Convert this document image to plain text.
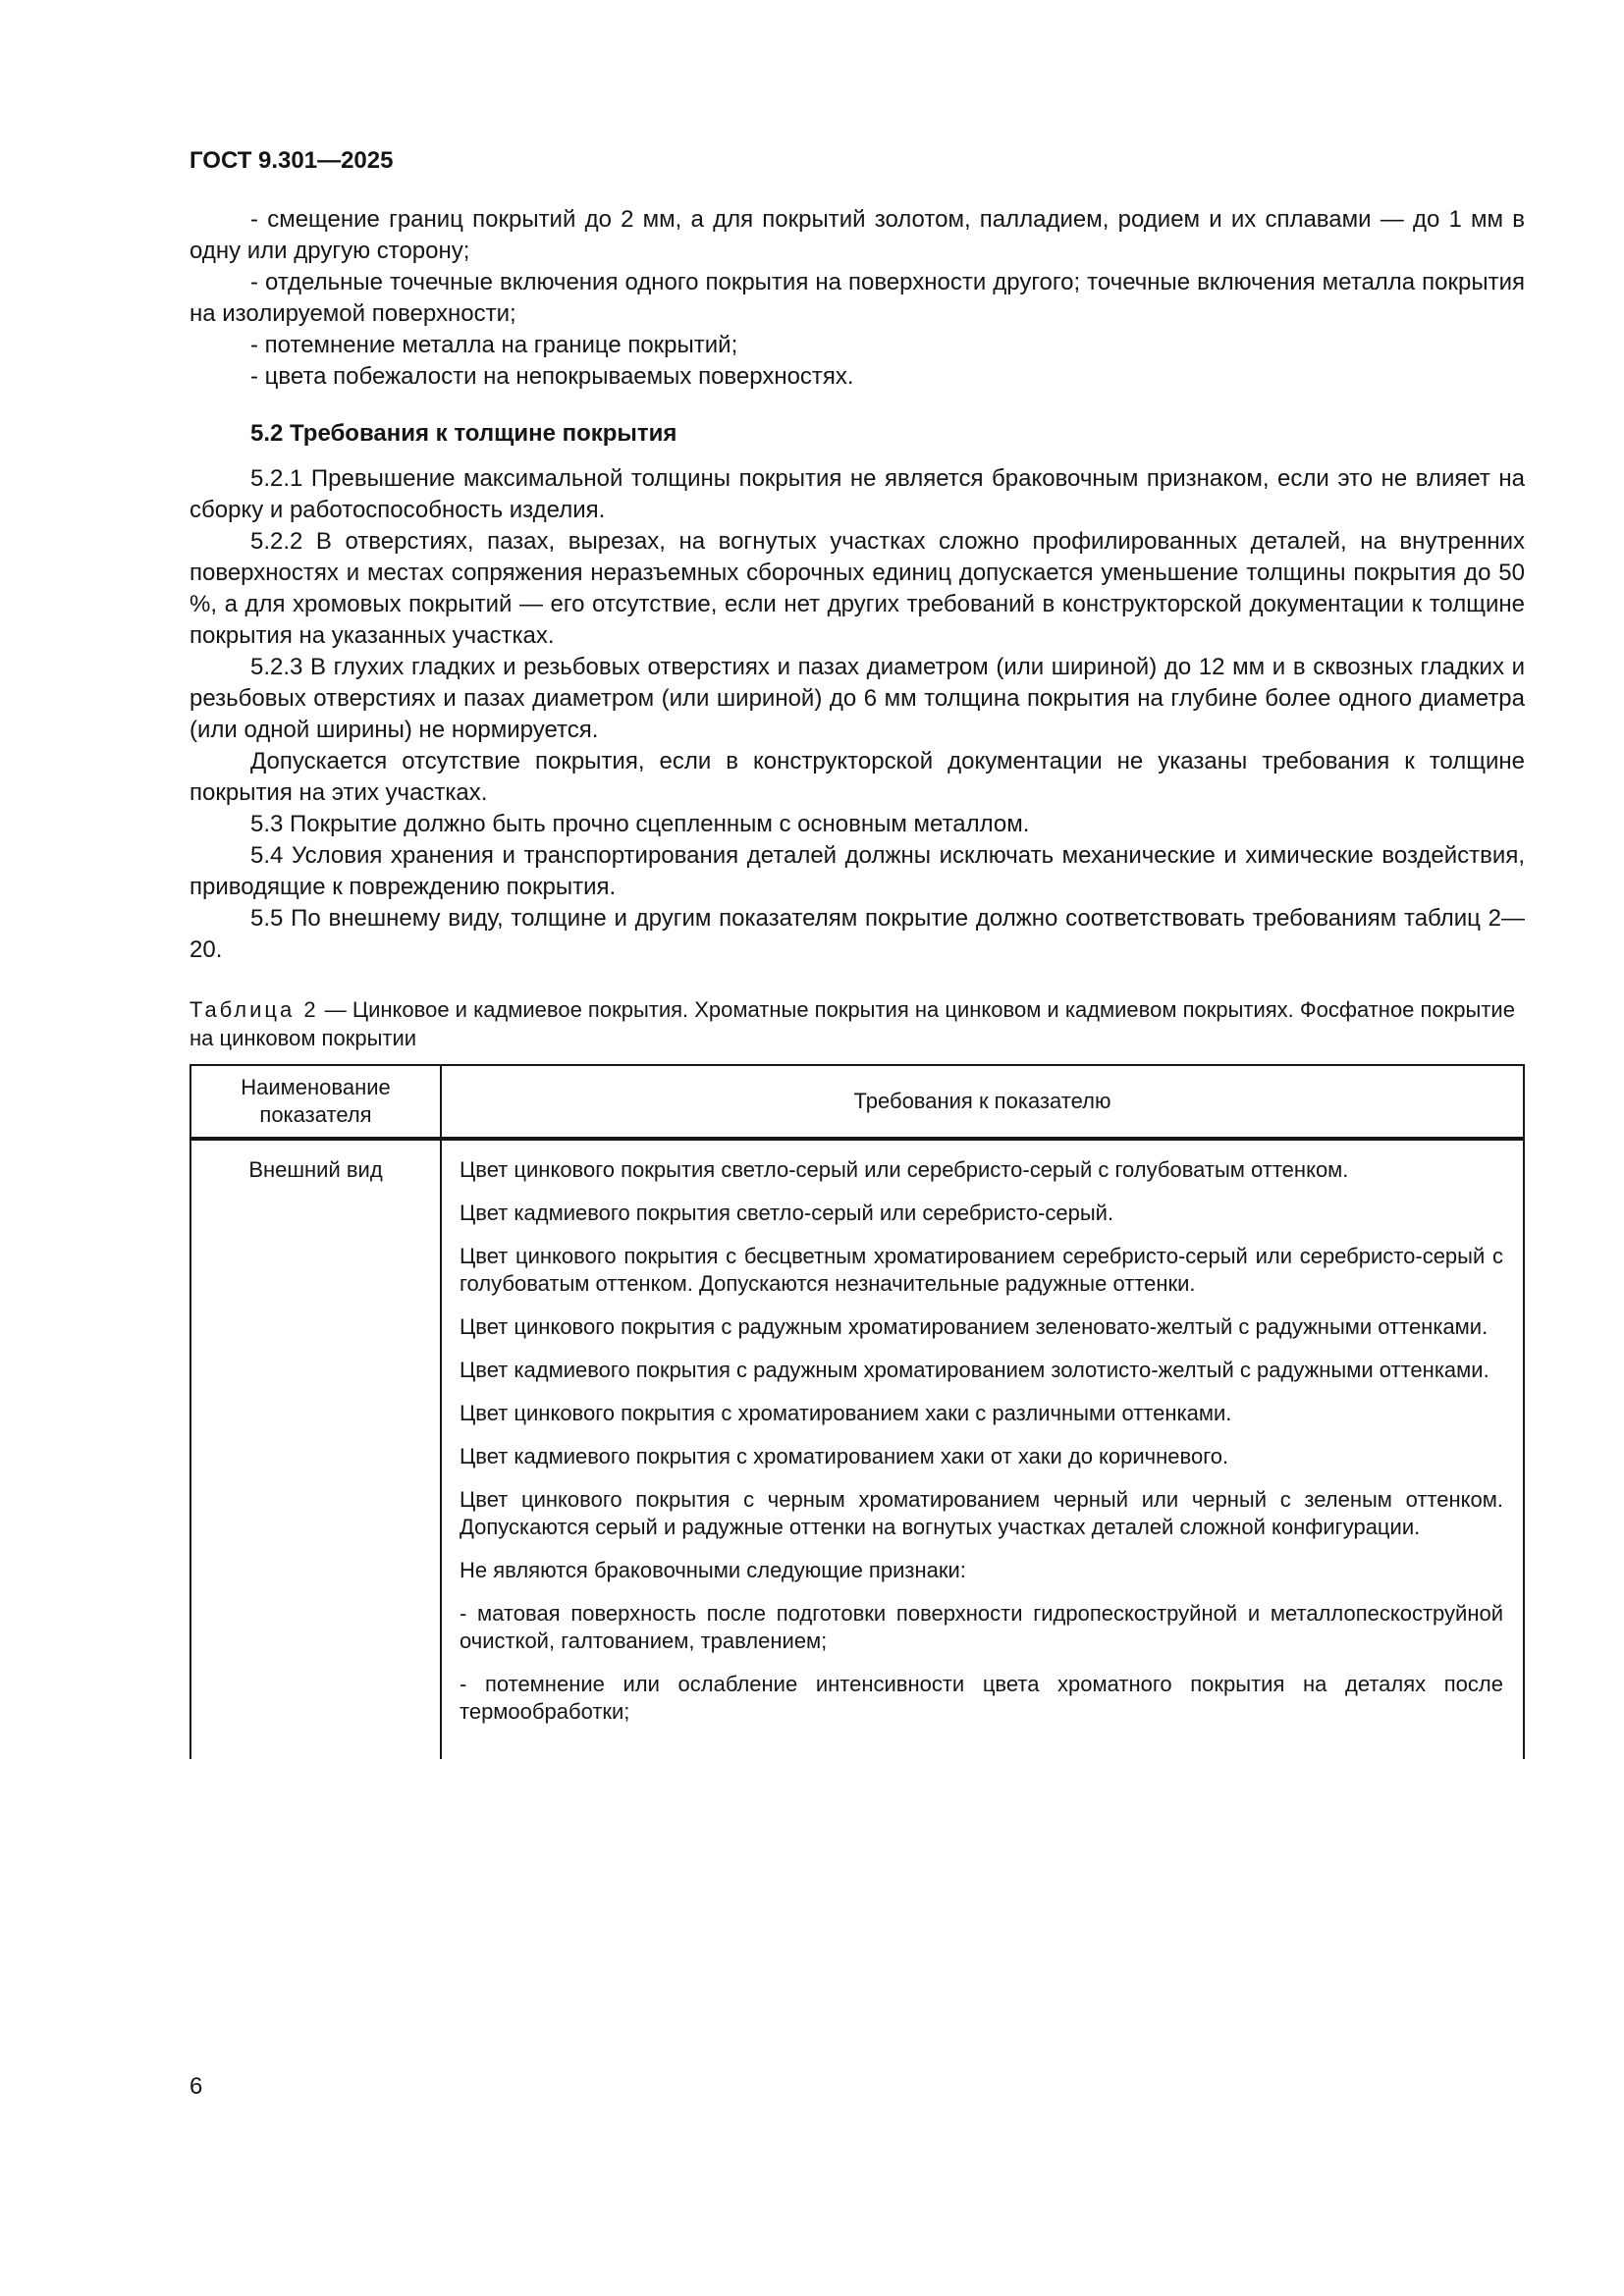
ГОСТ 9.301—2025

- смещение границ покрытий до 2 мм, а для покрытий золотом, палладием, родием и их сплавами — до 1 мм в одну или другую сторону;

- отдельные точечные включения одного покрытия на поверхности другого; точечные включения металла покрытия на изолируемой поверхности;

- потемнение металла на границе покрытий;

- цвета побежалости на непокрываемых поверхностях.

5.2 Требования к толщине покрытия

5.2.1 Превышение максимальной толщины покрытия не является браковочным признаком, если это не влияет на сборку и работоспособность изделия.

5.2.2 В отверстиях, пазах, вырезах, на вогнутых участках сложно профилированных деталей, на внутренних поверхностях и местах сопряжения неразъемных сборочных единиц допускается уменьшение толщины покрытия до 50 %, а для хромовых покрытий — его отсутствие, если нет других требований в конструкторской документации к толщине покрытия на указанных участках.

5.2.3 В глухих гладких и резьбовых отверстиях и пазах диаметром (или шириной) до 12 мм и в сквозных гладких и резьбовых отверстиях и пазах диаметром (или шириной) до 6 мм толщина покрытия на глубине более одного диаметра (или одной ширины) не нормируется.

Допускается отсутствие покрытия, если в конструкторской документации не указаны требования к толщине покрытия на этих участках.

5.3 Покрытие должно быть прочно сцепленным с основным металлом.

5.4 Условия хранения и транспортирования деталей должны исключать механические и химические воздействия, приводящие к повреждению покрытия.

5.5 По внешнему виду, толщине и другим показателям покрытие должно соответствовать требованиям таблиц 2—20.

Таблица 2 — Цинковое и кадмиевое покрытия. Хроматные покрытия на цинковом и кадмиевом покрытиях. Фосфатное покрытие на цинковом покрытии
Наименование показателя	Требования к показателю
Внешний вид	Цвет цинкового покрытия светло-серый или серебристо-серый с голубоватым оттенком.

Цвет кадмиевого покрытия светло-серый или серебристо-серый.

Цвет цинкового покрытия с бесцветным хроматированием серебристо-серый или серебристо-серый с голубоватым оттенком. Допускаются незначительные радужные оттенки.

Цвет цинкового покрытия с радужным хроматированием зеленовато-желтый с радужными оттенками.

Цвет кадмиевого покрытия с радужным хроматированием золотисто-желтый с радужными оттенками.

Цвет цинкового покрытия с хроматированием хаки с различными оттенками.

Цвет кадмиевого покрытия с хроматированием хаки от хаки до коричневого.

Цвет цинкового покрытия с черным хроматированием черный или черный с зеленым оттенком. Допускаются серый и радужные оттенки на вогнутых участках деталей сложной конфигурации.

Не являются браковочными следующие признаки:

- матовая поверхность после подготовки поверхности гидропескоструйной и металлопескоструйной очисткой, галтованием, травлением;

- потемнение или ослабление интенсивности цвета хроматного покрытия на деталях после термообработки;

6
